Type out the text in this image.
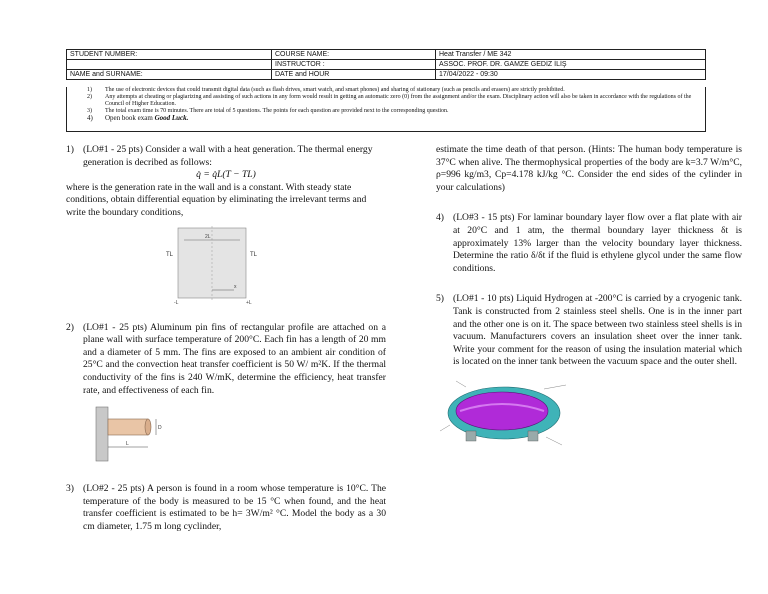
STUDENT NUMBER:	COURSE NAME:	Heat Transfer / ME 342
	INSTRUCTOR :	ASSOC. PROF. DR. GAMZE GEDİZ İLİŞ
NAME and SURNAME:	DATE and HOUR	17/04/2022 - 09:30
1) The use of electronic devices that could transmit digital data (such as flash drives, smart watch, and smart phones) and sharing of stationary (such as pencils and erasers) are strictly prohibited.
2) Any attempts at cheating or plagiarizing and assisting of such actions in any form would result in getting an automatic zero (0) from the assignment and/or the exam. Disciplinary action will also be taken in accordance with the regulations of the Council of Higher Education.
3) The total exam time is 70 minutes. There are total of 5 questions. The points for each question are provided next to the corresponding question.
4) Open book exam Good Luck.
1) (LO#1 - 25 pts) Consider a wall with a heat generation. The thermal energy generation is decribed as follows:
q̇ = q̇L(T − TL)
where is the generation rate in the wall and is a constant. With steady state conditions, obtain differential equation by eliminating the irrelevant terms and write the boundary conditions,
2L
TL	TL
x
-L	+L
2) (LO#1 - 25 pts) Aluminum pin fins of rectangular profile are attached on a plane wall with surface temperature of 200°C. Each fin has a length of 20 mm and a diameter of 5 mm. The fins are exposed to an ambient air condition of 25°C and the convection heat transfer coefficient is 50 W/ m²K. If the thermal conductivity of the fins is 240 W/mK, determine the efficiency, heat transfer rate, and effectiveness of each fin.
L
D
3) (LO#2 - 25 pts) A person is found in a room whose temperature is 10°C. The temperature of the body is measured to be 15 °C when found, and the heat transfer coefficient is estimated to be h= 3W/m² °C. Model the body as a 30 cm diameter, 1.75 m long cyclinder,
estimate the time death of that person. (Hints: The human body temperature is 37°C when alive. The thermophysical properties of the body are k=3.7 W/m°C, ρ=996 kg/m3, Cp=4.178 kJ/kg °C. Consider the end sides of the cylinder in your calculations)
4) (LO#3 - 15 pts) For laminar boundary layer flow over a flat plate with air at 20°C and 1 atm, the thermal boundary layer thickness δt is approximately 13% larger than the velocity boundary layer thickness. Determine the ratio δ/δt if the fluid is ethylene glycol under the same flow conditions.
5) (LO#1 - 10 pts) Liquid Hydrogen at -200°C is carried by a cryogenic tank. Tank is constructed from 2 stainless steel shells. One is in the inner part and the other one is on it. The space between two stainless steel shells is in vacuum. Manufacturers covers an insulation sheet over the inner tank. Write your comment for the reason of using the insulation material which is located on the inner tank between the vacuum space and the outer shell.
